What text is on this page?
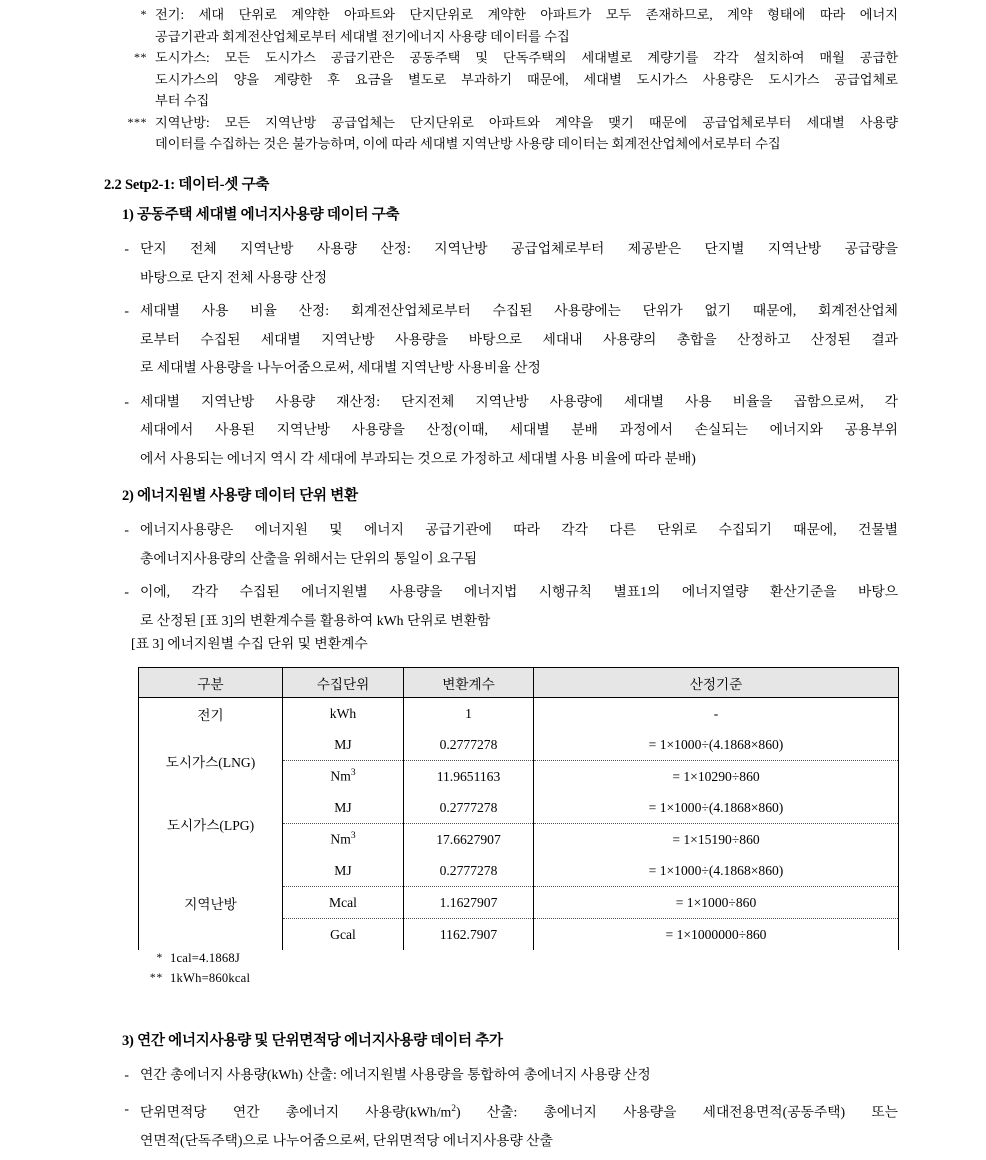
* 전기: 세대 단위로 계약한 아파트와 단지단위로 계약한 아파트가 모두 존재하므로, 계약 형태에 따라 에너지
공급기관과 회계전산업체로부터 세대별 전기에너지 사용량 데이터를 수집
** 도시가스: 모든 도시가스 공급기관은 공동주택 및 단독주택의 세대별로 계량기를 각각 설치하여 매월 공급한
도시가스의 양을 계량한 후 요금을 별도로 부과하기 때문에, 세대별 도시가스 사용량은 도시가스 공급업체로
부터 수집
*** 지역난방: 모든 지역난방 공급업체는 단지단위로 아파트와 계약을 맺기 때문에 공급업체로부터 세대별 사용량
데이터를 수집하는 것은 불가능하며, 이에 따라 세대별 지역난방 사용량 데이터는 회계전산업체에서로부터 수집
2.2 Setp2-1: 데이터-셋 구축
1) 공동주택 세대별 에너지사용량 데이터 구축
- 단지 전체 지역난방 사용량 산정: 지역난방 공급업체로부터 제공받은 단지별 지역난방 공급량을
바탕으로 단지 전체 사용량 산정
- 세대별 사용 비율 산정: 회계전산업체로부터 수집된 사용량에는 단위가 없기 때문에, 회계전산업체
로부터 수집된 세대별 지역난방 사용량을 바탕으로 세대내 사용량의 총합을 산정하고 산정된 결과
로 세대별 사용량을 나누어줌으로써, 세대별 지역난방 사용비율 산정
- 세대별 지역난방 사용량 재산정: 단지전체 지역난방 사용량에 세대별 사용 비율을 곱함으로써, 각
세대에서 사용된 지역난방 사용량을 산정(이때, 세대별 분배 과정에서 손실되는 에너지와 공용부위
에서 사용되는 에너지 역시 각 세대에 부과되는 것으로 가정하고 세대별 사용 비율에 따라 분배)
2) 에너지원별 사용량 데이터 단위 변환
- 에너지사용량은 에너지원 및 에너지 공급기관에 따라 각각 다른 단위로 수집되기 때문에, 건물별
총에너지사용량의 산출을 위해서는 단위의 통일이 요구됨
- 이에, 각각 수집된 에너지원별 사용량을 에너지법 시행규칙 별표1의 에너지열량 환산기준을 바탕으
로 산정된 [표 3]의 변환계수를 활용하여 kWh 단위로 변환함
[표 3] 에너지원별 수집 단위 및 변환계수
구분	수집단위	변환계수	산정기준
전기	kWh	1	-
도시가스(LNG)	MJ	0.2777278	= 1×1000÷(4.1868×860)
	Nm$^3$	11.9651163	= 1×10290÷860
도시가스(LPG)	MJ	0.2777278	= 1×1000÷(4.1868×860)
	Nm$^3$	17.6627907	= 1×15190÷860
지역난방	MJ	0.2777278	= 1×1000÷(4.1868×860)
	Mcal	1.1627907	= 1×1000÷860
	Gcal	1162.7907	= 1×1000000÷860
* 1cal=4.1868J
** 1kWh=860kcal
3) 연간 에너지사용량 및 단위면적당 에너지사용량 데이터 추가
- 연간 총에너지 사용량(kWh) 산출: 에너지원별 사용량을 통합하여 총에너지 사용량 산정
- 단위면적당 연간 총에너지 사용량$(kWh/m^2)$ 산출: 총에너지 사용량을 세대전용면적(공동주택) 또는
연면적(단독주택)으로 나누어줌으로써, 단위면적당 에너지사용량 산출
